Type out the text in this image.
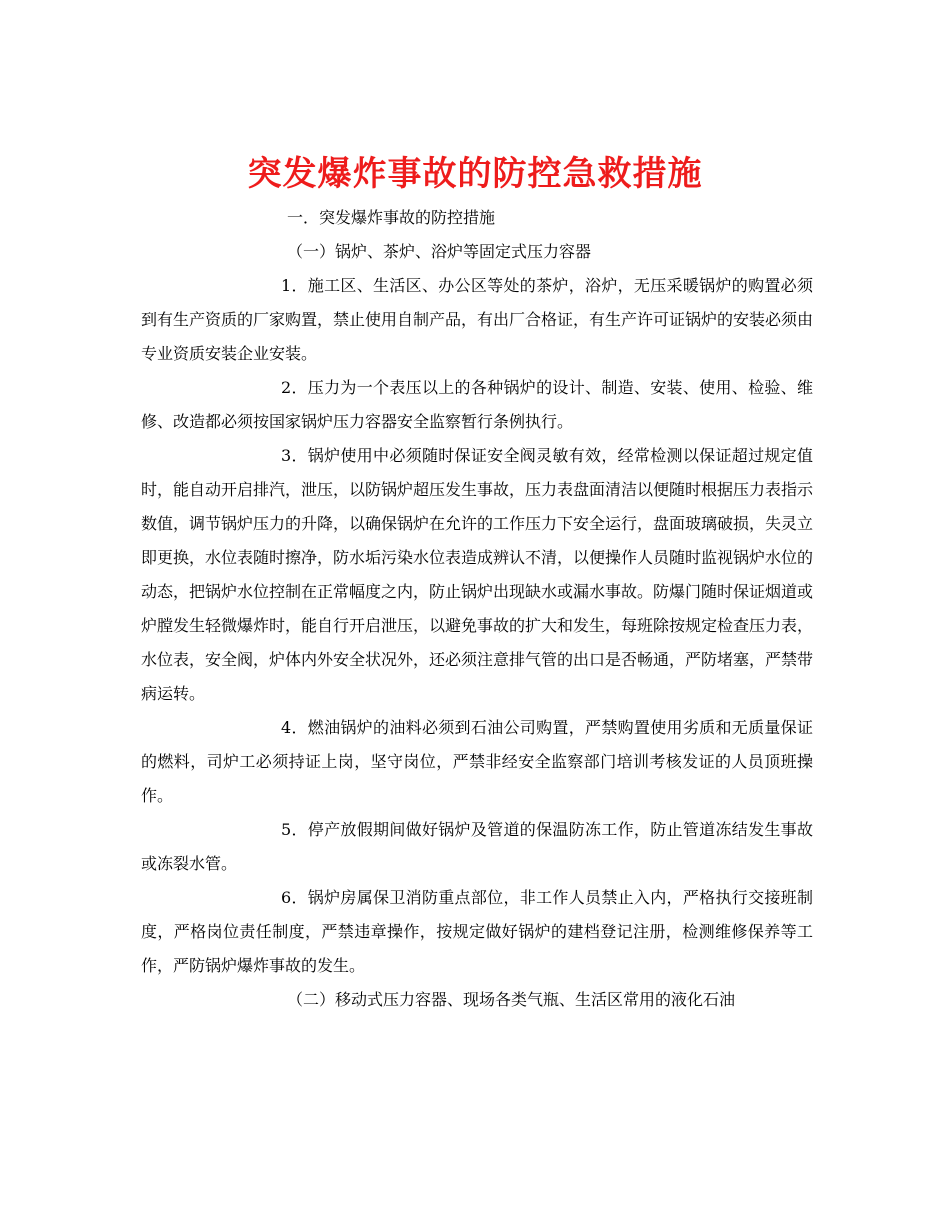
突发爆炸事故的防控急救措施

一．突发爆炸事故的防控措施

（一）锅炉、茶炉、浴炉等固定式压力容器

1．施工区、生活区、办公区等处的茶炉，浴炉，无压采暖锅炉的购置必须到有生产资质的厂家购置，禁止使用自制产品，有出厂合格证，有生产许可证锅炉的安装必须由专业资质安装企业安装。

2．压力为一个表压以上的各种锅炉的设计、制造、安装、使用、检验、维修、改造都必须按国家锅炉压力容器安全监察暂行条例执行。

3．锅炉使用中必须随时保证安全阀灵敏有效，经常检测以保证超过规定值时，能自动开启排汽，泄压，以防锅炉超压发生事故，压力表盘面清洁以便随时根据压力表指示数值，调节锅炉压力的升降，以确保锅炉在允许的工作压力下安全运行，盘面玻璃破损，失灵立即更换，水位表随时擦净，防水垢污染水位表造成辨认不清，以便操作人员随时监视锅炉水位的动态，把锅炉水位控制在正常幅度之内，防止锅炉出现缺水或漏水事故。防爆门随时保证烟道或炉膛发生轻微爆炸时，能自行开启泄压，以避免事故的扩大和发生，每班除按规定检查压力表，水位表，安全阀，炉体内外安全状况外，还必须注意排气管的出口是否畅通，严防堵塞，严禁带病运转。

4．燃油锅炉的油料必须到石油公司购置，严禁购置使用劣质和无质量保证的燃料，司炉工必须持证上岗，坚守岗位，严禁非经安全监察部门培训考核发证的人员顶班操作。

5．停产放假期间做好锅炉及管道的保温防冻工作，防止管道冻结发生事故或冻裂水管。

6．锅炉房属保卫消防重点部位，非工作人员禁止入内，严格执行交接班制度，严格岗位责任制度，严禁违章操作，按规定做好锅炉的建档登记注册，检测维修保养等工作，严防锅炉爆炸事故的发生。

（二）移动式压力容器、现场各类气瓶、生活区常用的液化石油
